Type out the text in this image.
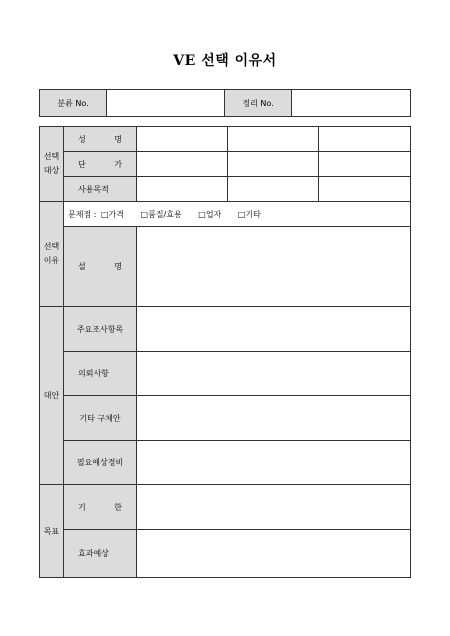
VE 선택 이유서
분류 No.		정리 No.	
선택
대상	성 명			
	단 가			
	사용목적			
선택
이유	문제점 : □가격 □품질/효용 □업자 □기타			
	설 명			
대안	주요조사항목			
	의뢰사항			
	기타 구체안			
	필요예상경비			
목표	기 한			
	효과예상			
